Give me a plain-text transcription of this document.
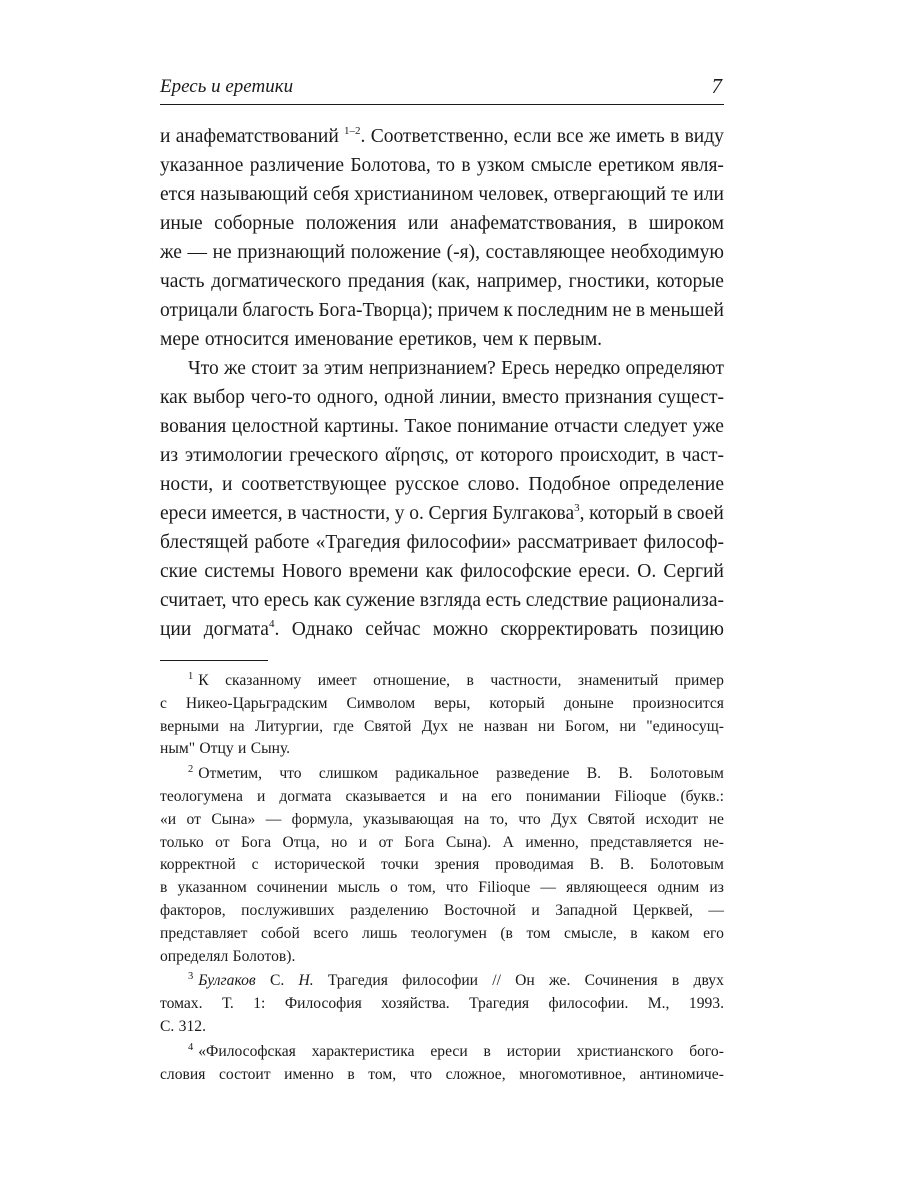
Ересь и еретики	7
и анафематствований $^{1-2}$. Соответственно, если все же иметь в виду
указанное различение Болотова, то в узком смысле еретиком явля-
ется называющий себя христианином человек, отвергающий те или
иные соборные положения или анафематствования, в широком
же — не признающий положение (-я), составляющее необходимую
часть догматического предания (как, например, гностики, которые
отрицали благость Бога-Творца); причем к последним не в меньшей
мере относится именование еретиков, чем к первым.
Что же стоит за этим непризнанием? Ересь нередко определяют
как выбор чего-то одного, одной линии, вместо признания сущест-
вования целостной картины. Такое понимание отчасти следует уже
из этимологии греческого αἵρησις, от которого происходит, в част-
ности, и соответствующее русское слово. Подобное определение
ереси имеется, в частности, у о. Сергия Булгакова$^3$, который в своей
блестящей работе «Трагедия философии» рассматривает философ-
ские системы Нового времени как философские ереси. О. Сергий
считает, что ересь как сужение взгляда есть следствие рационализа-
ции догмата$^4$. Однако сейчас можно скорректировать позицию
$^1$ К сказанному имеет отношение, в частности, знаменитый пример
с Никео-Царьградским Символом веры, который доныне произносится
верными на Литургии, где Святой Дух не назван ни Богом, ни "единосущ-
ным" Отцу и Сыну.
$^2$ Отметим, что слишком радикальное разведение В. В. Болотовым
теологумена и догмата сказывается и на его понимании Filioque (букв.:
«и от Сына» — формула, указывающая на то, что Дух Святой исходит не
только от Бога Отца, но и от Бога Сына). А именно, представляется не-
корректной с исторической точки зрения проводимая В. В. Болотовым
в указанном сочинении мысль о том, что Filioque — являющееся одним из
факторов, послуживших разделению Восточной и Западной Церквей, —
представляет собой всего лишь теологумен (в том смысле, в каком его
определял Болотов).
$^3$ Булгаков С. Н. Трагедия философии // Он же. Сочинения в двух
томах. Т. 1: Философия хозяйства. Трагедия философии. М., 1993.
С. 312.
$^4$ «Философская характеристика ереси в истории христианского бого-
словия состоит именно в том, что сложное, многомотивное, антиномиче-
